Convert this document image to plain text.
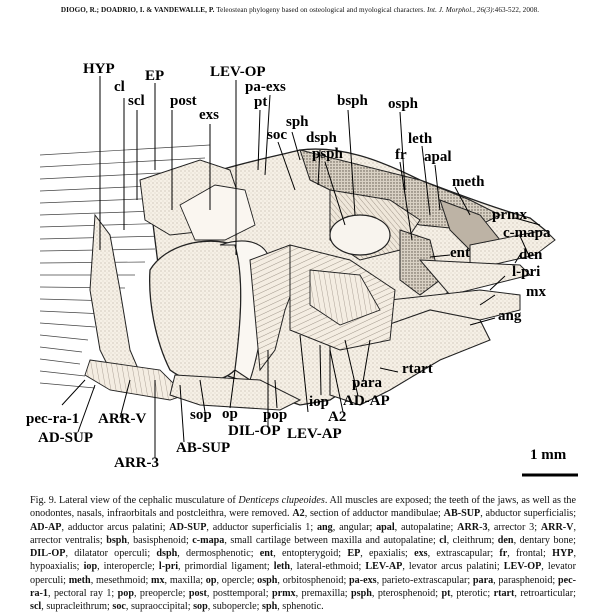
DIOGO, R.; DOADRIO, I. & VANDEWALLE, P. Teleostean phylogeny based on osteological and myological characters. Int. J. Morphol., 26(3):463-522, 2008.
HYP
cl
EP
scl post
LEV-OP
pa-exs
pt
exs	sph
soc dsph
bsph osph
psph
leth
fr apal
meth
prmx
c-mapa
ent	den
l-pri
mx
ang
rtart
para
AD-AP
A2
iop
LEV-AP
pop
DIL-OP
op
sop
AB-SUP
ARR-3
ARR-V
pec-ra-1
AD-SUP
1 mm
Fig. 9. Lateral view of the cephalic musculature of Denticeps clupeoides. All muscles are exposed; the teeth of the jaws, as well as the onodontes, nasals, infraorbitals and postcleithra, were removed. A2, section of adductor mandibulae; AB-SUP, abductor superficialis; AD-AP, adductor arcus palatini; AD-SUP, adductor superficialis 1; ang, angular; apal, autopalatine; ARR-3, arrector 3; ARR-V, arrector ventralis; bsph, basisphenoid; c-mapa, small cartilage between maxilla and autopalatine; cl, cleithrum; den, dentary bone; DIL-OP, dilatator operculi; dsph, dermosphenotic; ent, entopterygoid; EP, epaxialis; exs, extrascapular; fr, frontal; HYP, hypoaxialis; iop, interopercle; l-pri, primordial ligament; leth, lateral-ethmoid; LEV-AP, levator arcus palatini; LEV-OP, levator operculi; meth, mesethmoid; mx, maxilla; op, opercle; osph, orbitosphenoid; pa-exs, parieto-extrascapular; para, parasphenoid; pec-ra-1, pectoral ray 1; pop, preopercle; post, posttemporal; prmx, premaxilla; psph, pterosphenoid; pt, pterotic; rtart, retroarticular; scl, supracleithrum; soc, supraoccipital; sop, subopercle; sph, sphenotic.
